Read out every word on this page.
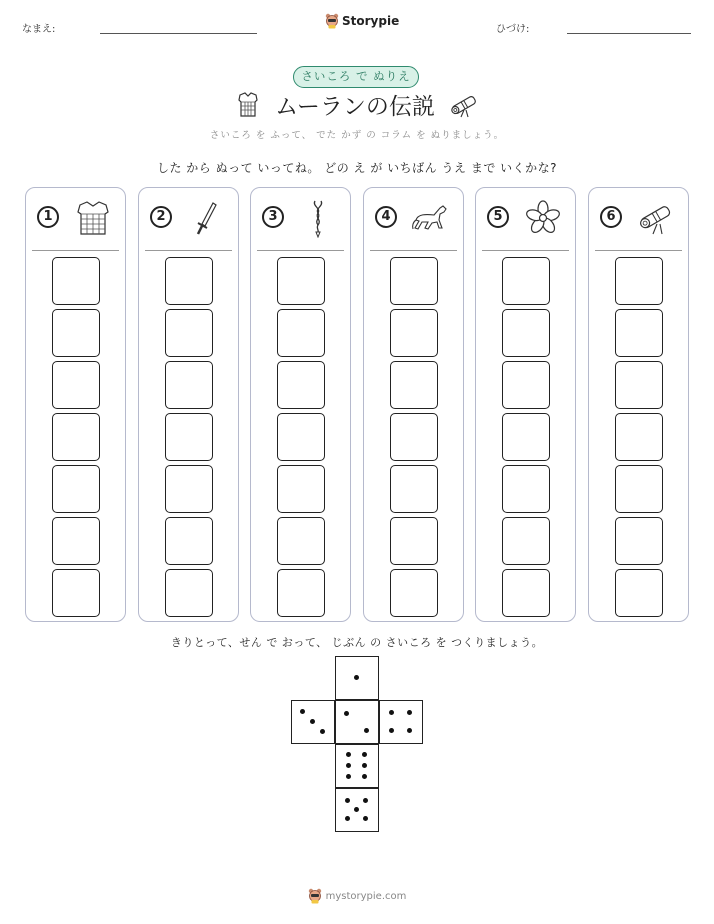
なまえ:
Storypie
ひづけ:
さいころ で ぬりえ
ムーランの伝説
さいころ を ふって、 でた かず の コラム を ぬりましょう。
した から ぬって いってね。 どの え が いちばん うえ まで いくかな?
1	2	3	4	5	6
きりとって、せん で おって、 じぶん の さいころ を つくりましょう。
mystorypie.com
